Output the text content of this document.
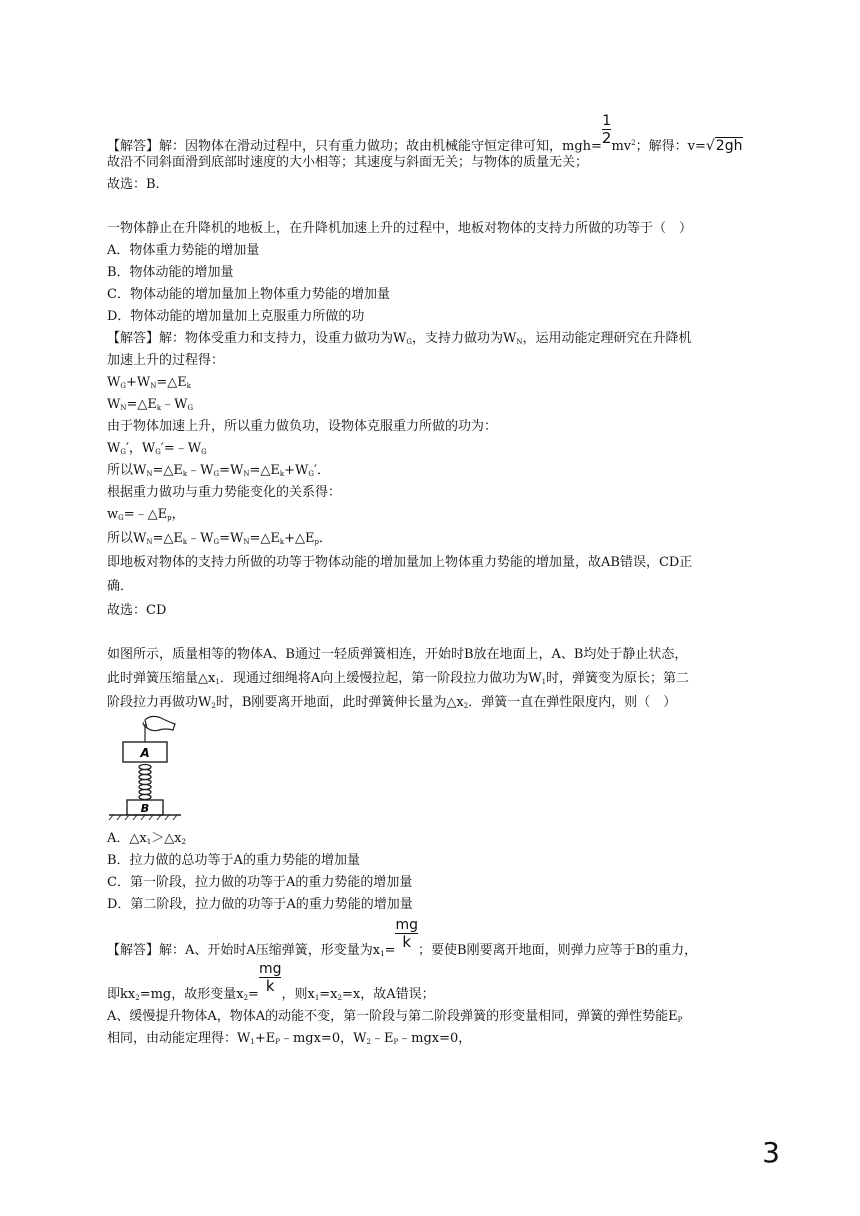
【解答】解：因物体在滑动过程中，只有重力做功；故由机械能守恒定律可知，mgh=
$\frac{1}{2}$
$mv^2$；解得：v=√2gh
故沿不同斜面滑到底部时速度的大小相等；其速度与斜面无关；与物体的质量无关；
故选：B.
一物体静止在升降机的地板上，在升降机加速上升的过程中，地板对物体的支持力所做的功等于（　）
A．物体重力势能的增加量
B．物体动能的增加量
C．物体动能的增加量加上物体重力势能的增加量
D．物体动能的增加量加上克服重力所做的功
【解答】解：物体受重力和支持力，设重力做功为$W_G$，支持力做功为$W_N$，运用动能定理研究在升降机
加速上升的过程得：
$W_G+W_N=\triangle E_k$
$W_N=\triangle E_k﹣W_G$
由于物体加速上升，所以重力做负功，设物体克服重力所做的功为：
$W_G'$，$W_G'=﹣W_G$
所以$W_N=\triangle E_k﹣W_G=W_N=\triangle E_k+W_G'$．
根据重力做功与重力势能变化的关系得：
$w_G=﹣\triangle E_p$，
所以$W_N=\triangle E_k﹣W_G=W_N=\triangle E_k+\triangle E_p$．
即地板对物体的支持力所做的功等于物体动能的增加量加上物体重力势能的增加量，故AB错误，CD正
确．
故选：CD
如图所示，质量相等的物体A、B通过一轻质弹簧相连，开始时B放在地面上，A、B均处于静止状态，
此时弹簧压缩量$\triangle x_1$．现通过细绳将A向上缓慢拉起，第一阶段拉力做功为$W_1$时，弹簧变为原长；第二
阶段拉力再做功$W_2$时，B刚要离开地面，此时弹簧伸长量为$\triangle x_2$．弹簧一直在弹性限度内，则（　）
A
B
A．$\triangle x_1>\triangle x_2$
B．拉力做的总功等于A的重力势能的增加量
C．第一阶段，拉力做的功等于A的重力势能的增加量
D．第二阶段，拉力做的功等于A的重力势能的增加量
【解答】解：A、开始时A压缩弹簧，形变量为$x_1=$
$\frac{mg}{k}$
；要使B刚要离开地面，则弹力应等于B的重力，
即$kx_2=mg$，故形变量$x_2=$
$\frac{mg}{k}$
，则$x_1=x_2=x$，故A错误；
A、缓慢提升物体A，物体A的动能不变，第一阶段与第二阶段弹簧的形变量相同，弹簧的弹性势能$E_P$
相同，由动能定理得：$W_1+E_P﹣mgx=0$，$W_2﹣E_P﹣mgx=0$，
3
